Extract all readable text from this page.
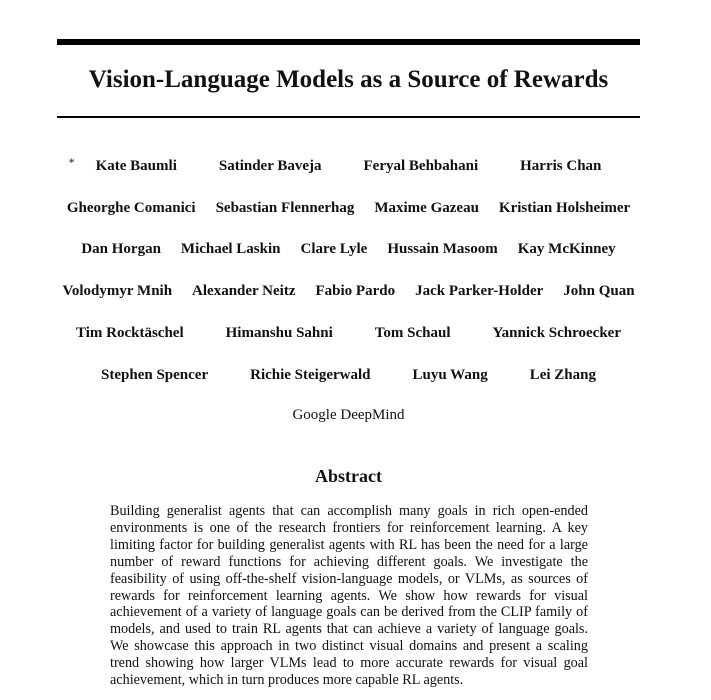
Vision-Language Models as a Source of Rewards
* Kate Baumli	Satinder Baveja	Feryal Behbahani	Harris Chan
Gheorghe Comanici	Sebastian Flennerhag	Maxime Gazeau	Kristian Holsheimer
Dan Horgan	Michael Laskin	Clare Lyle	Hussain Masoom	Kay McKinney
Volodymyr Mnih	Alexander Neitz	Fabio Pardo	Jack Parker-Holder	John Quan
Tim Rocktäschel	Himanshu Sahni	Tom Schaul	Yannick Schroecker
Stephen Spencer	Richie Steigerwald	Luyu Wang	Lei Zhang
Google DeepMind
Abstract

Building generalist agents that can accomplish many goals in rich open-ended environments is one of the research frontiers for reinforcement learning. A key limiting factor for building generalist agents with RL has been the need for a large number of reward functions for achieving different goals. We investigate the feasibility of using off-the-shelf vision-language models, or VLMs, as sources of rewards for reinforcement learning agents. We show how rewards for visual achievement of a variety of language goals can be derived from the CLIP family of models, and used to train RL agents that can achieve a variety of language goals. We showcase this approach in two distinct visual domains and present a scaling trend showing how larger VLMs lead to more accurate rewards for visual goal achievement, which in turn produces more capable RL agents.
